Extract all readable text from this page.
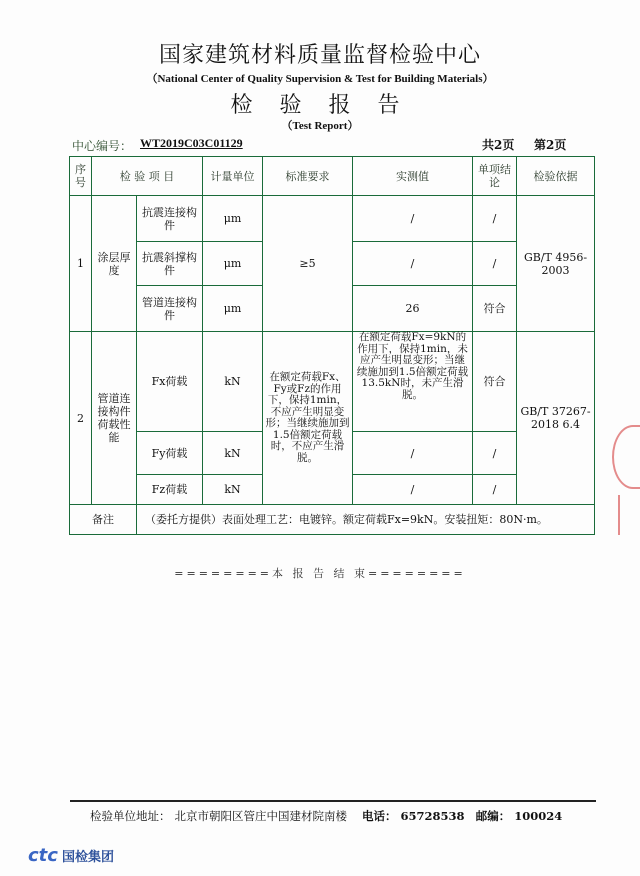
国家建筑材料质量监督检验中心
（National Center of Quality Supervision & Test for Building Materials）
检 验 报 告
（Test Report）
中心编号： WT2019C03C01129	共2页 第2页
序号	检 验 项 目		计量单位	标准要求	实测值	单项结论	检验依据
1	涂层厚度	抗震连接构件	μm	≥5	/	/	GB/T 4956-2003
		抗震斜撑构件	μm		/	/	
		管道连接构件	μm		26	符合	
2	管道连接构件荷载性能	Fx荷载	kN	在额定荷载Fx、Fy或Fz的作用下，保持1min，不应产生明显变形；当继续施加到1.5倍额定荷载时，不应产生滑脱。	在额定荷载Fx=9kN的作用下，保持1min，未应产生明显变形；当继续施加到1.5倍额定荷载13.5kN时，未产生滑脱。	符合	GB/T 37267-2018 6.4
		Fy荷载	kN		/	/	
		Fz荷载	kN		/	/	
备注		（委托方提供）表面处理工艺：电镀锌。额定荷载Fx=9kN。安装扭矩：80N·m。					
========本 报 告 结 束========
检验单位地址： 北京市朝阳区管庄中国建材院南楼 电话： 65728538 邮编： 100024
ctc 国检集团
